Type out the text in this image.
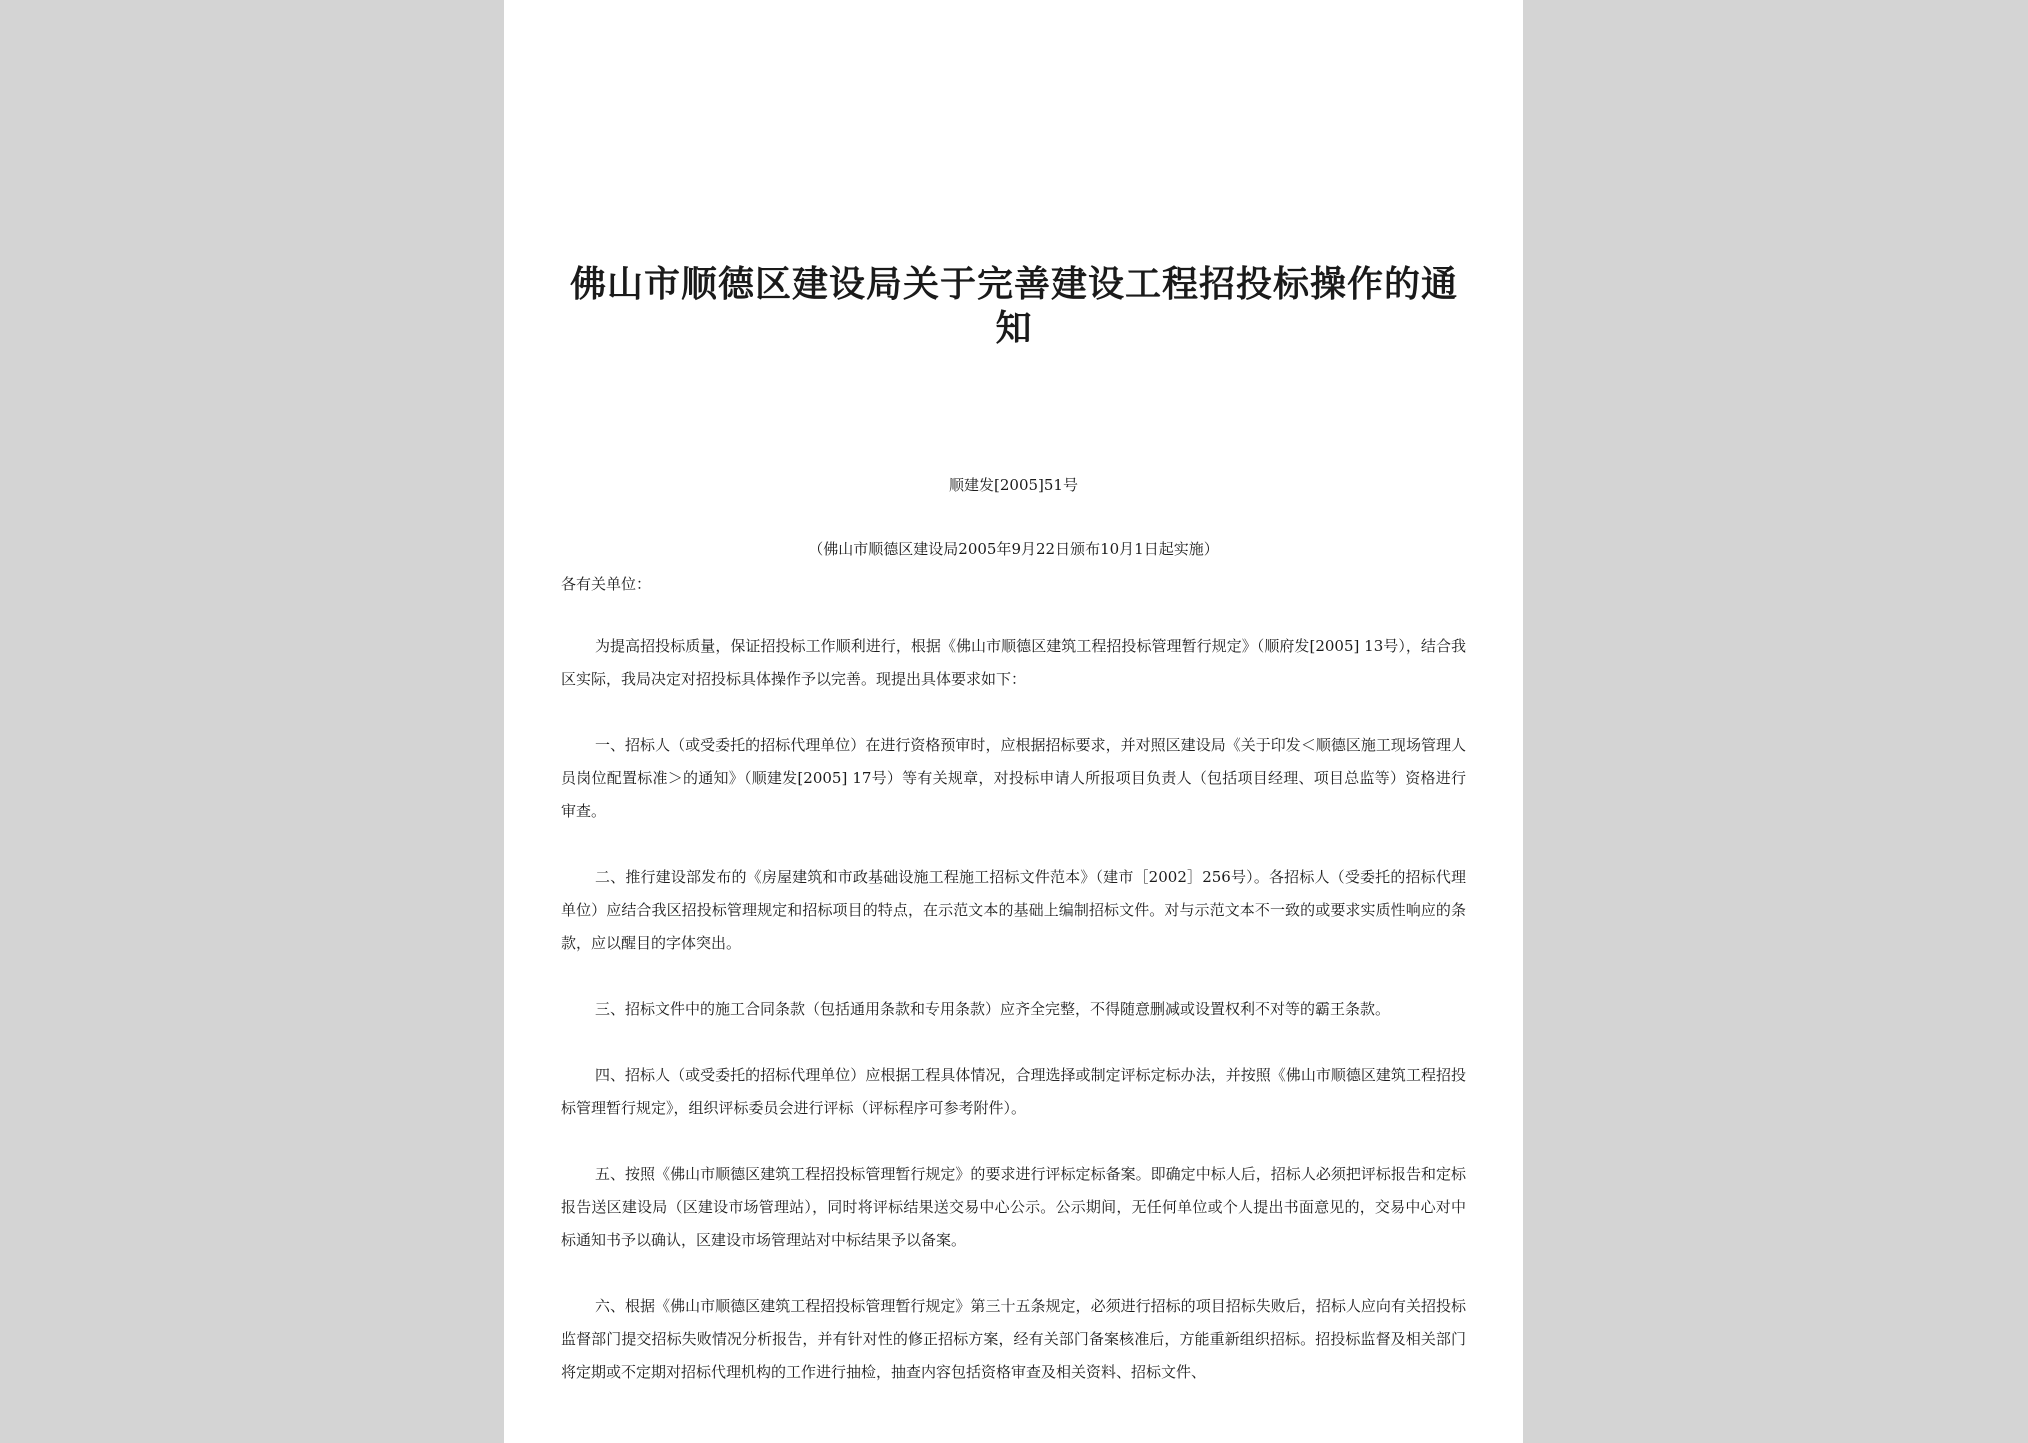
佛山市顺德区建设局关于完善建设工程招投标操作的通知

顺建发[2005]51号

（佛山市顺德区建设局2005年9月22日颁布10月1日起实施）

各有关单位：

为提高招投标质量，保证招投标工作顺利进行，根据《佛山市顺德区建筑工程招投标管理暂行规定》（顺府发[2005] 13号），结合我区实际，我局决定对招投标具体操作予以完善。现提出具体要求如下：

一、招标人（或受委托的招标代理单位）在进行资格预审时，应根据招标要求，并对照区建设局《关于印发＜顺德区施工现场管理人员岗位配置标准＞的通知》（顺建发[2005] 17号）等有关规章，对投标申请人所报项目负责人（包括项目经理、项目总监等）资格进行审查。

二、推行建设部发布的《房屋建筑和市政基础设施工程施工招标文件范本》（建市［2002］256号）。各招标人（受委托的招标代理单位）应结合我区招投标管理规定和招标项目的特点，在示范文本的基础上编制招标文件。对与示范文本不一致的或要求实质性响应的条款，应以醒目的字体突出。

三、招标文件中的施工合同条款（包括通用条款和专用条款）应齐全完整，不得随意删减或设置权利不对等的霸王条款。

四、招标人（或受委托的招标代理单位）应根据工程具体情况，合理选择或制定评标定标办法，并按照《佛山市顺德区建筑工程招投标管理暂行规定》，组织评标委员会进行评标（评标程序可参考附件）。

五、按照《佛山市顺德区建筑工程招投标管理暂行规定》的要求进行评标定标备案。即确定中标人后，招标人必须把评标报告和定标报告送区建设局（区建设市场管理站），同时将评标结果送交易中心公示。公示期间，无任何单位或个人提出书面意见的，交易中心对中标通知书予以确认，区建设市场管理站对中标结果予以备案。

六、根据《佛山市顺德区建筑工程招投标管理暂行规定》第三十五条规定，必须进行招标的项目招标失败后，招标人应向有关招投标监督部门提交招标失败情况分析报告，并有针对性的修正招标方案，经有关部门备案核准后，方能重新组织招标。招投标监督及相关部门将定期或不定期对招标代理机构的工作进行抽检，抽查内容包括资格审查及相关资料、招标文件、
